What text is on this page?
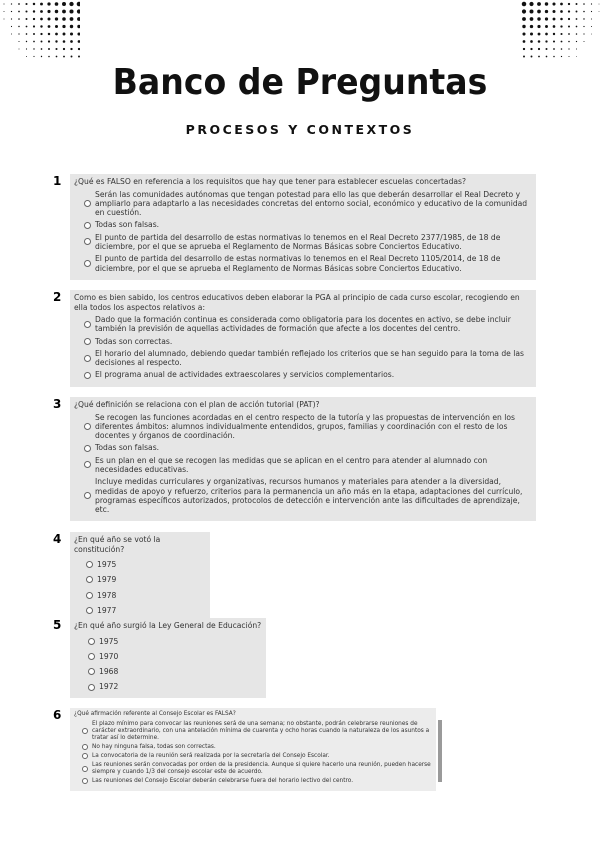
Banco de Preguntas
PROCESOS Y CONTEXTOS
1 ¿Qué es FALSO en referencia a los requisitos que hay que tener para establecer escuelas concertadas?
Serán las comunidades autónomas que tengan potestad para ello las que deberán desarrollar el Real Decreto y ampliarlo para adaptarlo a las necesidades concretas del entorno social, económico y educativo de la comunidad en cuestión.
Todas son falsas.
El punto de partida del desarrollo de estas normativas lo tenemos en el Real Decreto 2377/1985, de 18 de diciembre, por el que se aprueba el Reglamento de Normas Básicas sobre Conciertos Educativo.
El punto de partida del desarrollo de estas normativas lo tenemos en el Real Decreto 1105/2014, de 18 de diciembre, por el que se aprueba el Reglamento de Normas Básicas sobre Conciertos Educativo.
2 Como es bien sabido, los centros educativos deben elaborar la PGA al principio de cada curso escolar, recogiendo en ella todos los aspectos relativos a:
Dado que la formación continua es considerada como obligatoria para los docentes en activo, se debe incluir también la previsión de aquellas actividades de formación que afecte a los docentes del centro.
Todas son correctas.
El horario del alumnado, debiendo quedar también reflejado los criterios que se han seguido para la toma de las decisiones al respecto.
El programa anual de actividades extraescolares y servicios complementarios.
3 ¿Qué definición se relaciona con el plan de acción tutorial (PAT)?
Se recogen las funciones acordadas en el centro respecto de la tutoría y las propuestas de intervención en los diferentes ámbitos: alumnos individualmente entendidos, grupos, familias y coordinación con el resto de los docentes y órganos de coordinación.
Todas son falsas.
Es un plan en el que se recogen las medidas que se aplican en el centro para atender al alumnado con necesidades educativas.
Incluye medidas curriculares y organizativas, recursos humanos y materiales para atender a la diversidad, medidas de apoyo y refuerzo, criterios para la permanencia un año más en la etapa, adaptaciones del currículo, programas específicos autorizados, protocolos de detección e intervención ante las dificultades de aprendizaje, etc.
4 ¿En qué año se votó la constitución?
1975
1979
1978
1977
5 ¿En qué año surgió la Ley General de Educación?
1975
1970
1968
1972
6 ¿Qué afirmación referente al Consejo Escolar es FALSA?
El plazo mínimo para convocar las reuniones será de una semana; no obstante, podrán celebrarse reuniones de carácter extraordinario, con una antelación mínima de cuarenta y ocho horas cuando la naturaleza de los asuntos a tratar así lo determine.
No hay ninguna falsa, todas son correctas.
La convocatoria de la reunión será realizada por la secretaría del Consejo Escolar.
Las reuniones serán convocadas por orden de la presidencia. Aunque si quiere hacerlo una reunión, pueden hacerse siempre y cuando 1/3 del consejo escolar este de acuerdo.
Las reuniones del Consejo Escolar deberán celebrarse fuera del horario lectivo del centro.
